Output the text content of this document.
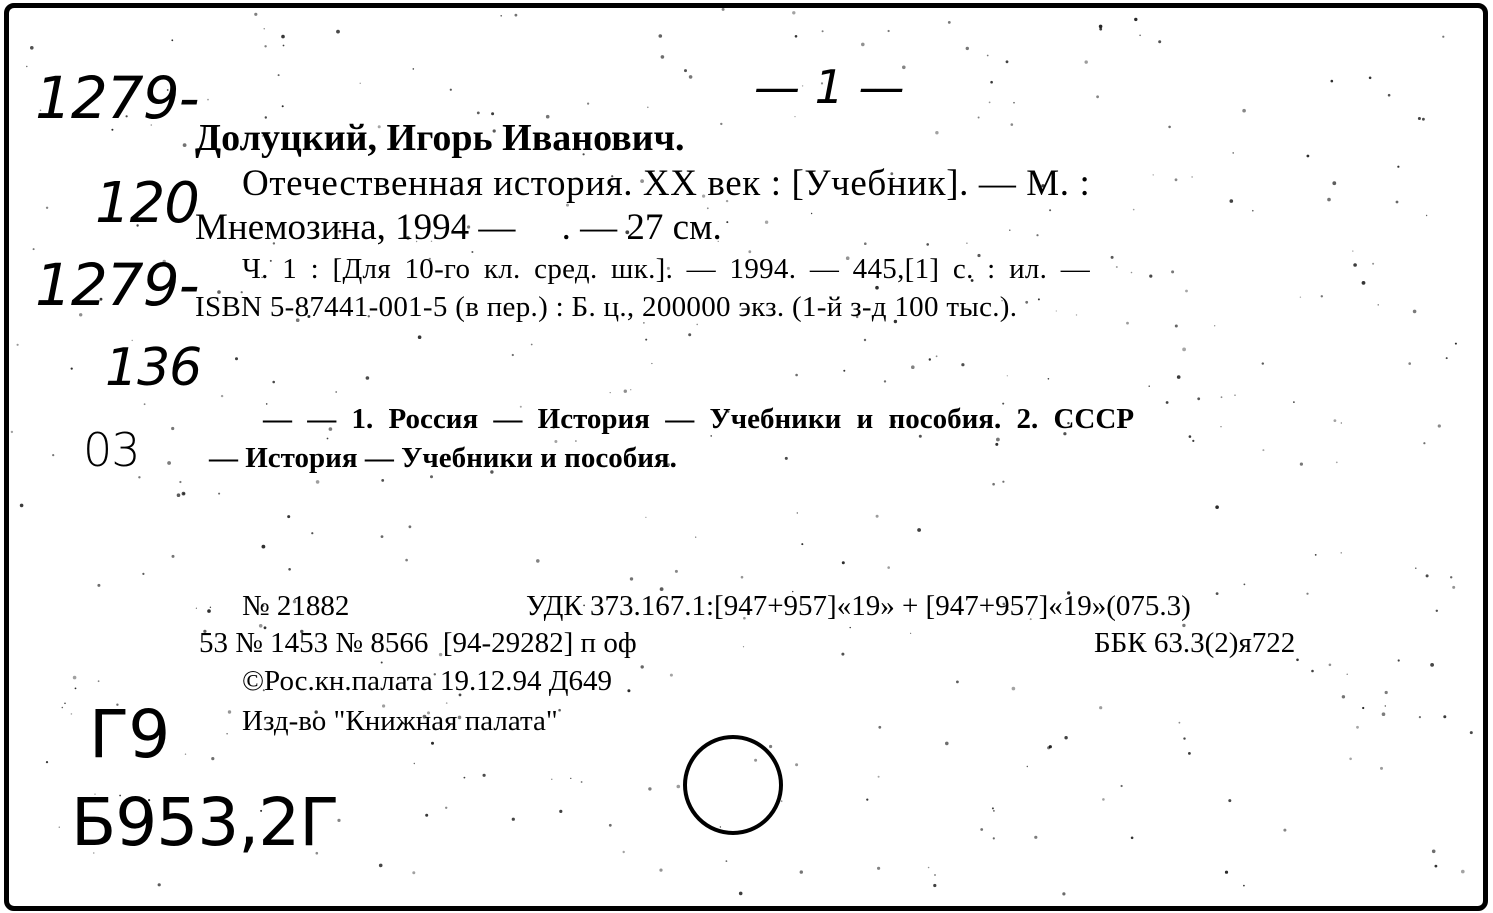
— 1 —
Долуцкий, Игорь Иванович.
Отечественная история. XX век : [Учебник]. — М. :
Мнемозина, 1994 —     . — 27 см.
Ч. 1 : [Для 10-го кл. сред. шк.]. — 1994. — 445,[1] с. : ил. —
ISBN 5-87441-001-5 (в пер.) : Б. ц., 200000 экз. (1-й з-д 100 тыс.).
— — 1. Россия — История — Учебники и пособия. 2. СССР
— История — Учебники и пособия.
№ 21882	УДК 373.167.1:[947+957]«19» + [947+957]«19»(075.3)
53 № 1453 № 8566  [94-29282] п оф	ББК 63.3(2)я722
©Рос.кн.палата 19.12.94 Д649
Изд-во "Книжная палата"
1279-
120
1279-
136
03
Г9
Б953,2Г
